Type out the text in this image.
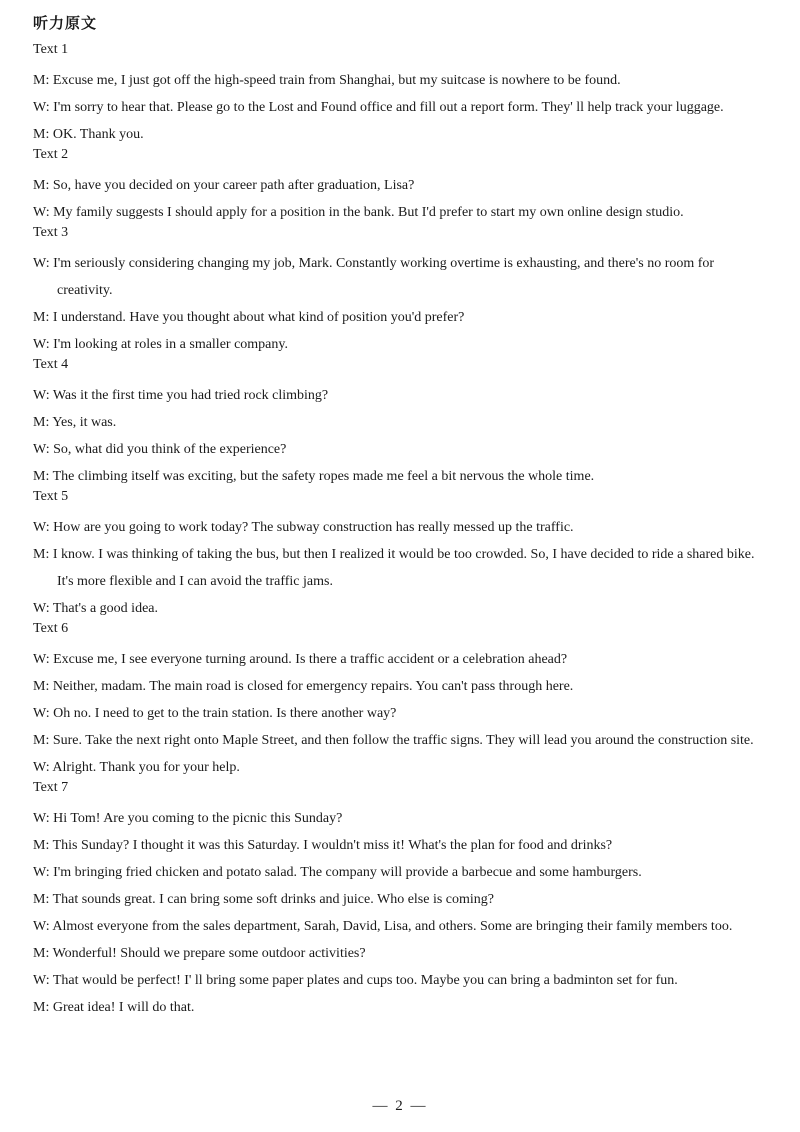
听力原文
Text 1
M: Excuse me, I just got off the high-speed train from Shanghai, but my suitcase is nowhere to be found.
W: I'm sorry to hear that. Please go to the Lost and Found office and fill out a report form. They' ll help track your luggage.
M: OK. Thank you.
Text 2
M: So, have you decided on your career path after graduation, Lisa?
W: My family suggests I should apply for a position in the bank. But I'd prefer to start my own online design studio.
Text 3
W: I'm seriously considering changing my job, Mark. Constantly working overtime is exhausting, and there's no room for creativity.
M: I understand. Have you thought about what kind of position you'd prefer?
W: I'm looking at roles in a smaller company.
Text 4
W: Was it the first time you had tried rock climbing?
M: Yes, it was.
W: So, what did you think of the experience?
M: The climbing itself was exciting, but the safety ropes made me feel a bit nervous the whole time.
Text 5
W: How are you going to work today? The subway construction has really messed up the traffic.
M: I know. I was thinking of taking the bus, but then I realized it would be too crowded. So, I have decided to ride a shared bike. It's more flexible and I can avoid the traffic jams.
W: That's a good idea.
Text 6
W: Excuse me, I see everyone turning around. Is there a traffic accident or a celebration ahead?
M: Neither, madam. The main road is closed for emergency repairs. You can't pass through here.
W: Oh no. I need to get to the train station. Is there another way?
M: Sure. Take the next right onto Maple Street, and then follow the traffic signs. They will lead you around the construction site.
W: Alright. Thank you for your help.
Text 7
W: Hi Tom! Are you coming to the picnic this Sunday?
M: This Sunday? I thought it was this Saturday. I wouldn't miss it! What's the plan for food and drinks?
W: I'm bringing fried chicken and potato salad. The company will provide a barbecue and some hamburgers.
M: That sounds great. I can bring some soft drinks and juice. Who else is coming?
W: Almost everyone from the sales department, Sarah, David, Lisa, and others. Some are bringing their family members too.
M: Wonderful! Should we prepare some outdoor activities?
W: That would be perfect! I' ll bring some paper plates and cups too. Maybe you can bring a badminton set for fun.
M: Great idea! I will do that.
— 2 —
